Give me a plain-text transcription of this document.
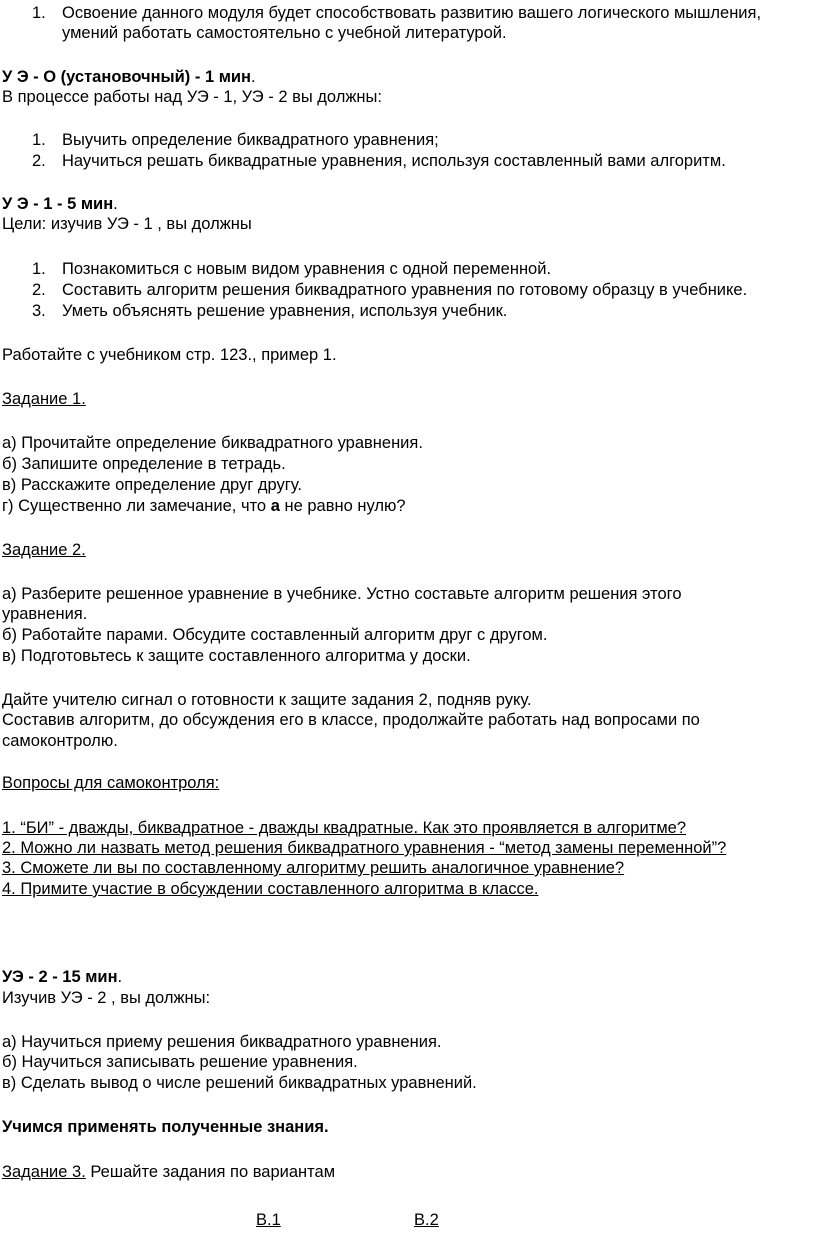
1. Освоение данного модуля будет способствовать развитию вашего логического мышления,
умений работать самостоятельно с учебной литературой.
У Э - О (установочный) - 1 мин.
В процессе работы над УЭ - 1, УЭ - 2 вы должны:
1. Выучить определение биквадратного уравнения;
2. Научиться решать биквадратные уравнения, используя составленный вами алгоритм.
У Э - 1 - 5 мин.
Цели: изучив УЭ - 1 , вы должны
1. Познакомиться с новым видом уравнения с одной переменной.
2. Составить алгоритм решения биквадратного уравнения по готовому образцу в учебнике.
3. Уметь объяснять решение уравнения, используя учебник.
Работайте с учебником стр. 123., пример 1.
Задание 1.
а) Прочитайте определение биквадратного уравнения.
б) Запишите определение в тетрадь.
в) Расскажите определение друг другу.
г) Существенно ли замечание, что а не равно нулю?
Задание 2.
а) Разберите решенное уравнение в учебнике. Устно составьте алгоритм решения этого
уравнения.
б) Работайте парами. Обсудите составленный алгоритм друг с другом.
в) Подготовьтесь к защите составленного алгоритма у доски.
Дайте учителю сигнал о готовности к защите задания 2, подняв руку.
Составив алгоритм, до обсуждения его в классе, продолжайте работать над вопросами по
самоконтролю.
Вопросы для самоконтроля:
1. “БИ” - дважды, биквадратное - дважды квадратные. Как это проявляется в алгоритме?
2. Можно ли назвать метод решения биквадратного уравнения - “метод замены переменной”?
3. Сможете ли вы по составленному алгоритму решить аналогичное уравнение?
4. Примите участие в обсуждении составленного алгоритма в классе.
УЭ - 2 - 15 мин.
Изучив УЭ - 2 , вы должны:
а) Научиться приему решения биквадратного уравнения.
б) Научиться записывать решение уравнения.
в) Сделать вывод о числе решений биквадратных уравнений.
Учимся применять полученные знания.
Задание 3. Решайте задания по вариантам
В.1	В.2
